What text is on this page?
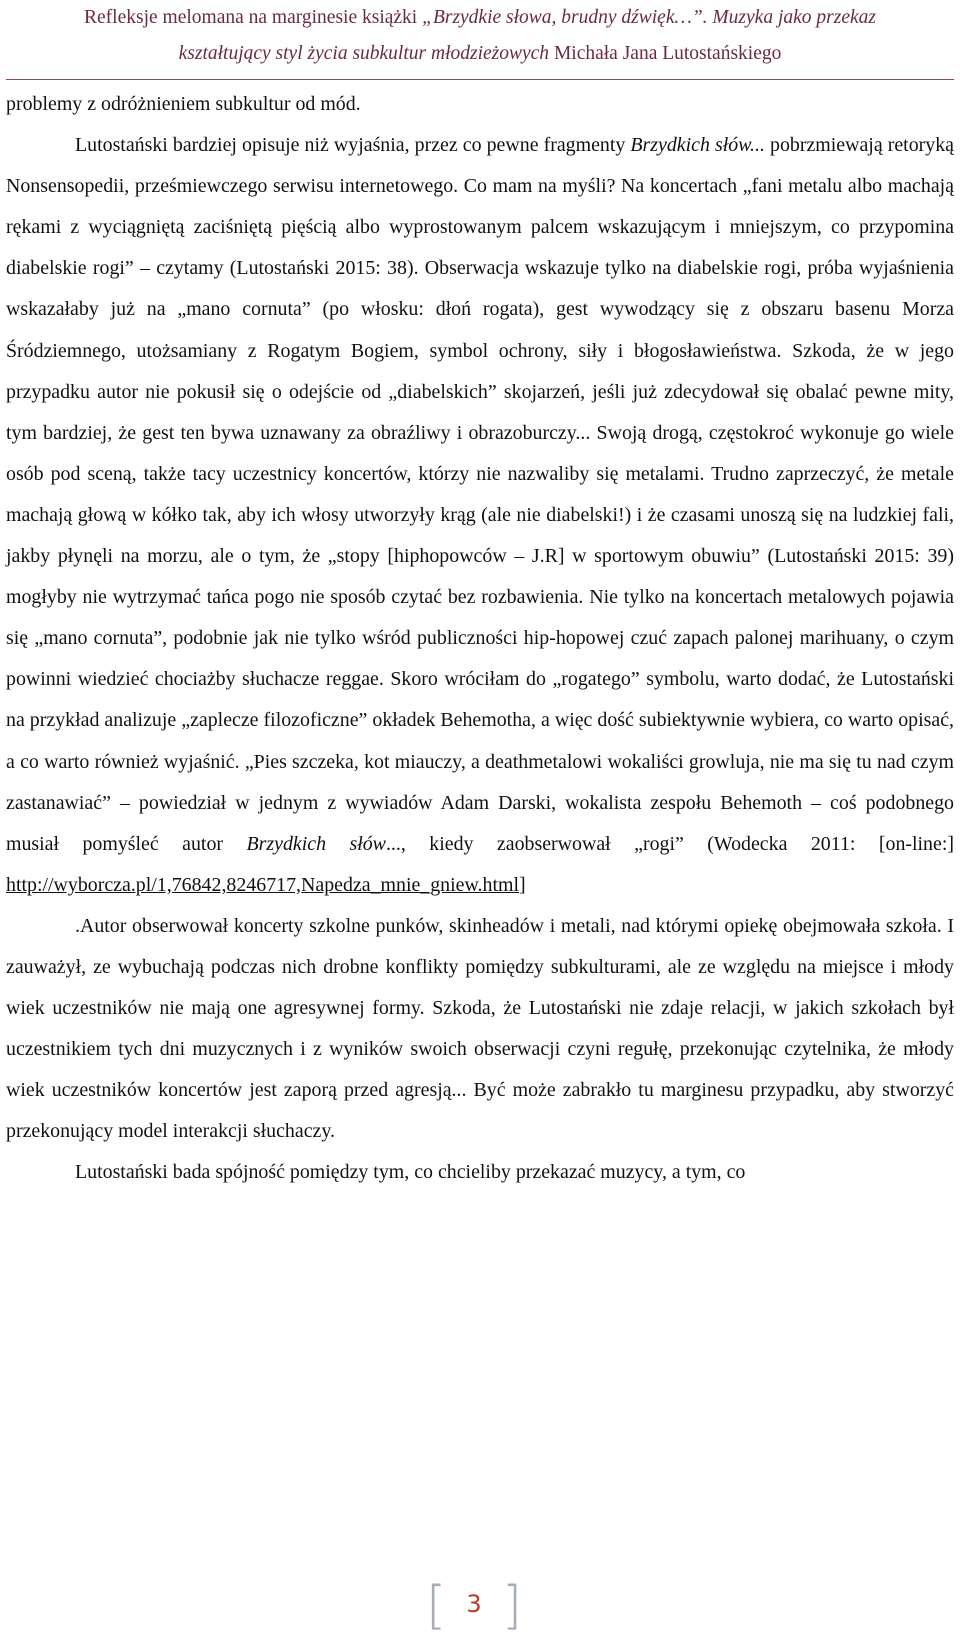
Refleksje melomana na marginesie książki „Brzydkie słowa, brudny dźwięk…”. Muzyka jako przekaz
kształtujący styl życia subkultur młodzieżowych Michała Jana Lutostańskiego

problemy z odróżnieniem subkultur od mód.

Lutostański bardziej opisuje niż wyjaśnia, przez co pewne fragmenty Brzydkich słów... pobrzmiewają retoryką Nonsensopedii, prześmiewczego serwisu internetowego. Co mam na myśli? Na koncertach „fani metalu albo machają rękami z wyciągniętą zaciśniętą pięścią albo wyprostowanym palcem wskazującym i mniejszym, co przypomina diabelskie rogi” – czytamy (Lutostański 2015: 38). Obserwacja wskazuje tylko na diabelskie rogi, próba wyjaśnienia wskazałaby już na „mano cornuta” (po włosku: dłoń rogata), gest wywodzący się z obszaru basenu Morza Śródziemnego, utożsamiany z Rogatym Bogiem, symbol ochrony, siły i błogosławieństwa. Szkoda, że w jego przypadku autor nie pokusił się o odejście od „diabelskich” skojarzeń, jeśli już zdecydował się obalać pewne mity, tym bardziej, że gest ten bywa uznawany za obraźliwy i obrazoburczy... Swoją drogą, częstokroć wykonuje go wiele osób pod sceną, także tacy uczestnicy koncertów, którzy nie nazwaliby się metalami. Trudno zaprzeczyć, że metale machają głową w kółko tak, aby ich włosy utworzyły krąg (ale nie diabelski!) i że czasami unoszą się na ludzkiej fali, jakby płynęli na morzu, ale o tym, że „stopy [hiphopowców – J.R] w sportowym obuwiu” (Lutostański 2015: 39) mogłyby nie wytrzymać tańca pogo nie sposób czytać bez rozbawienia. Nie tylko na koncertach metalowych pojawia się „mano cornuta”, podobnie jak nie tylko wśród publiczności hip-hopowej czuć zapach palonej marihuany, o czym powinni wiedzieć chociażby słuchacze reggae. Skoro wróciłam do „rogatego” symbolu, warto dodać, że Lutostański na przykład analizuje „zaplecze filozoficzne” okładek Behemotha, a więc dość subiektywnie wybiera, co warto opisać, a co warto również wyjaśnić. „Pies szczeka, kot miauczy, a deathmetalowi wokaliści growluja, nie ma się tu nad czym zastanawiać” – powiedział w jednym z wywiadów Adam Darski, wokalista zespołu Behemoth – coś podobnego musiał pomyśleć autor Brzydkich słów..., kiedy zaobserwował „rogi” (Wodecka 2011: [on-line:] http://wyborcza.pl/1,76842,8246717,Napedza_mnie_gniew.html]

.Autor obserwował koncerty szkolne punków, skinheadów i metali, nad którymi opiekę obejmowała szkoła. I zauważył, ze wybuchają podczas nich drobne konflikty pomiędzy subkulturami, ale ze względu na miejsce i młody wiek uczestników nie mają one agresywnej formy. Szkoda, że Lutostański nie zdaje relacji, w jakich szkołach był uczestnikiem tych dni muzycznych i z wyników swoich obserwacji czyni regułę, przekonując czytelnika, że młody wiek uczestników koncertów jest zaporą przed agresją... Być może zabrakło tu marginesu przypadku, aby stworzyć przekonujący model interakcji słuchaczy.

Lutostański bada spójność pomiędzy tym, co chcieliby przekazać muzycy, a tym, co

[ 3 ]
